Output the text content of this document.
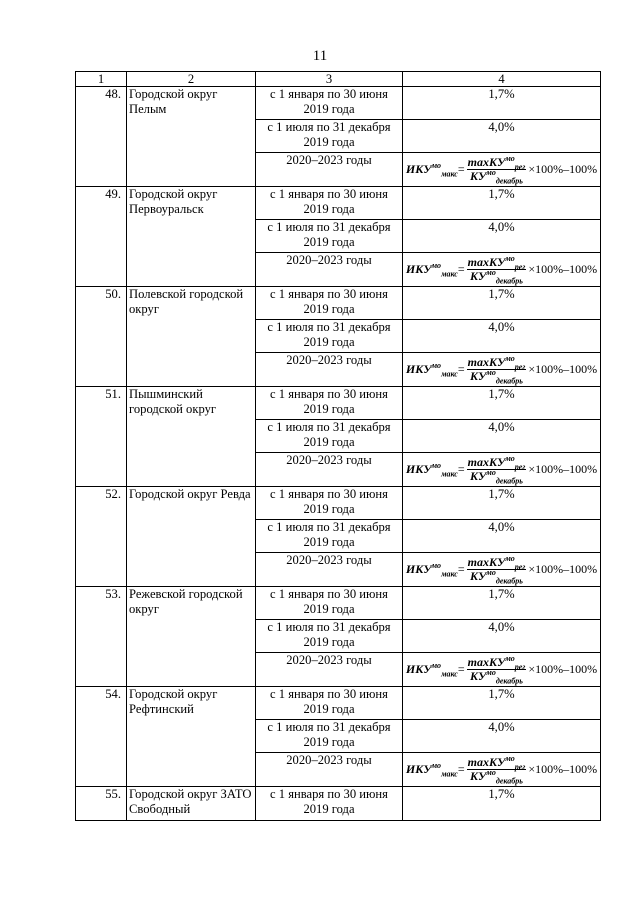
11
1	2	3	4
48.	Городской округ Пелым	с 1 января по 30 июня 2019 года	1,7%
		с 1 июля по 31 декабря 2019 года	4,0%
		2020–2023 годы	$ИКУ^{мо}_{макс} = \frac{\max KУ^{мо}_{рег}}{KУ^{мо}_{декабрь}} \times 100\%-100\%$

49.	Городской округ Первоуральск	с 1 января по 30 июня 2019 года	1,7%
		с 1 июля по 31 декабря 2019 года	4,0%
		2020–2023 годы	$ИКУ^{мо}_{макс} = \frac{\max KУ^{мо}_{рег}}{KУ^{мо}_{декабрь}} \times 100\%-100\%$

50.	Полевской городской округ	с 1 января по 30 июня 2019 года	1,7%
		с 1 июля по 31 декабря 2019 года	4,0%
		2020–2023 годы	$ИКУ^{мо}_{макс} = \frac{\max KУ^{мо}_{рег}}{KУ^{мо}_{декабрь}} \times 100\%-100\%$

51.	Пышминский городской округ	с 1 января по 30 июня 2019 года	1,7%
		с 1 июля по 31 декабря 2019 года	4,0%
		2020–2023 годы	$ИКУ^{мо}_{макс} = \frac{\max KУ^{мо}_{рег}}{KУ^{мо}_{декабрь}} \times 100\%-100\%$

52.	Городской округ Ревда	с 1 января по 30 июня 2019 года	1,7%
		с 1 июля по 31 декабря 2019 года	4,0%
		2020–2023 годы	$ИКУ^{мо}_{макс} = \frac{\max KУ^{мо}_{рег}}{KУ^{мо}_{декабрь}} \times 100\%-100\%$

53.	Режевской городской округ	с 1 января по 30 июня 2019 года	1,7%
		с 1 июля по 31 декабря 2019 года	4,0%
		2020–2023 годы	$ИКУ^{мо}_{макс} = \frac{\max KУ^{мо}_{рег}}{KУ^{мо}_{декабрь}} \times 100\%-100\%$

54.	Городской округ Рефтинский	с 1 января по 30 июня 2019 года	1,7%
		с 1 июля по 31 декабря 2019 года	4,0%
		2020–2023 годы	$ИКУ^{мо}_{макс} = \frac{\max KУ^{мо}_{рег}}{KУ^{мо}_{декабрь}} \times 100\%-100\%$

55.	Городской округ ЗАТО Свободный	с 1 января по 30 июня 2019 года	1,7%
